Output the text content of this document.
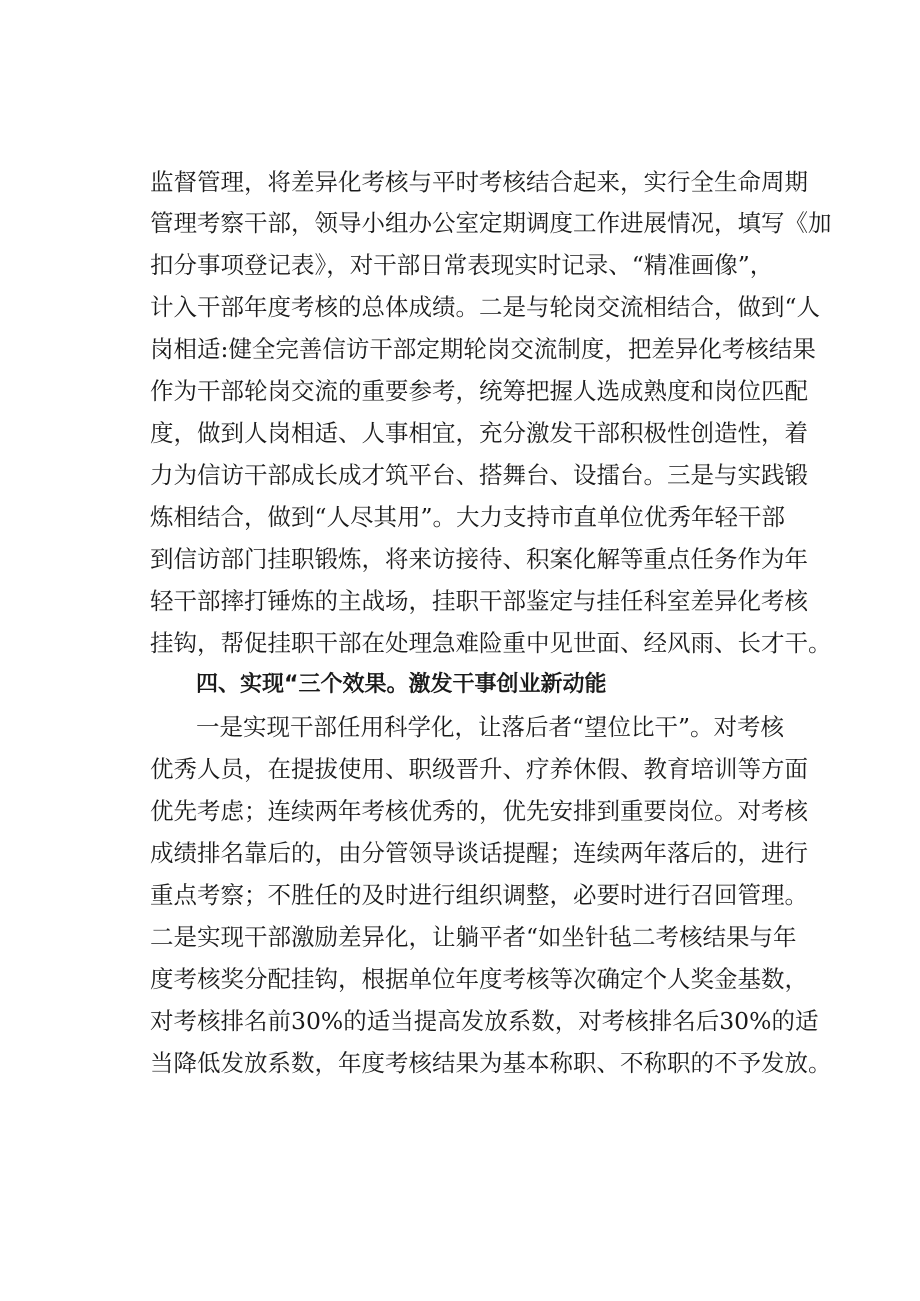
监督管理，将差异化考核与平时考核结合起来，实行全生命周期
管理考察干部，领导小组办公室定期调度工作进展情况，填写《加
扣分事项登记表》，对干部日常表现实时记录、“精准画像”，
计入干部年度考核的总体成绩。二是与轮岗交流相结合，做到“人
岗相适:健全完善信访干部定期轮岗交流制度，把差异化考核结果
作为干部轮岗交流的重要参考，统筹把握人选成熟度和岗位匹配
度，做到人岗相适、人事相宜，充分激发干部积极性创造性，着
力为信访干部成长成才筑平台、搭舞台、设擂台。三是与实践锻
炼相结合，做到“人尽其用”。大力支持市直单位优秀年轻干部
到信访部门挂职锻炼，将来访接待、积案化解等重点任务作为年
轻干部摔打锤炼的主战场，挂职干部鉴定与挂任科室差异化考核
挂钩，帮促挂职干部在处理急难险重中见世面、经风雨、长才干。
四、实现“三个效果。激发干事创业新动能
一是实现干部任用科学化，让落后者“望位比干”。对考核
优秀人员，在提拔使用、职级晋升、疗养休假、教育培训等方面
优先考虑；连续两年考核优秀的，优先安排到重要岗位。对考核
成绩排名靠后的，由分管领导谈话提醒；连续两年落后的，进行
重点考察；不胜任的及时进行组织调整，必要时进行召回管理。
二是实现干部激励差异化，让躺平者“如坐针毡二考核结果与年
度考核奖分配挂钩，根据单位年度考核等次确定个人奖金基数，
对考核排名前30%的适当提高发放系数，对考核排名后30%的适
当降低发放系数，年度考核结果为基本称职、不称职的不予发放。
